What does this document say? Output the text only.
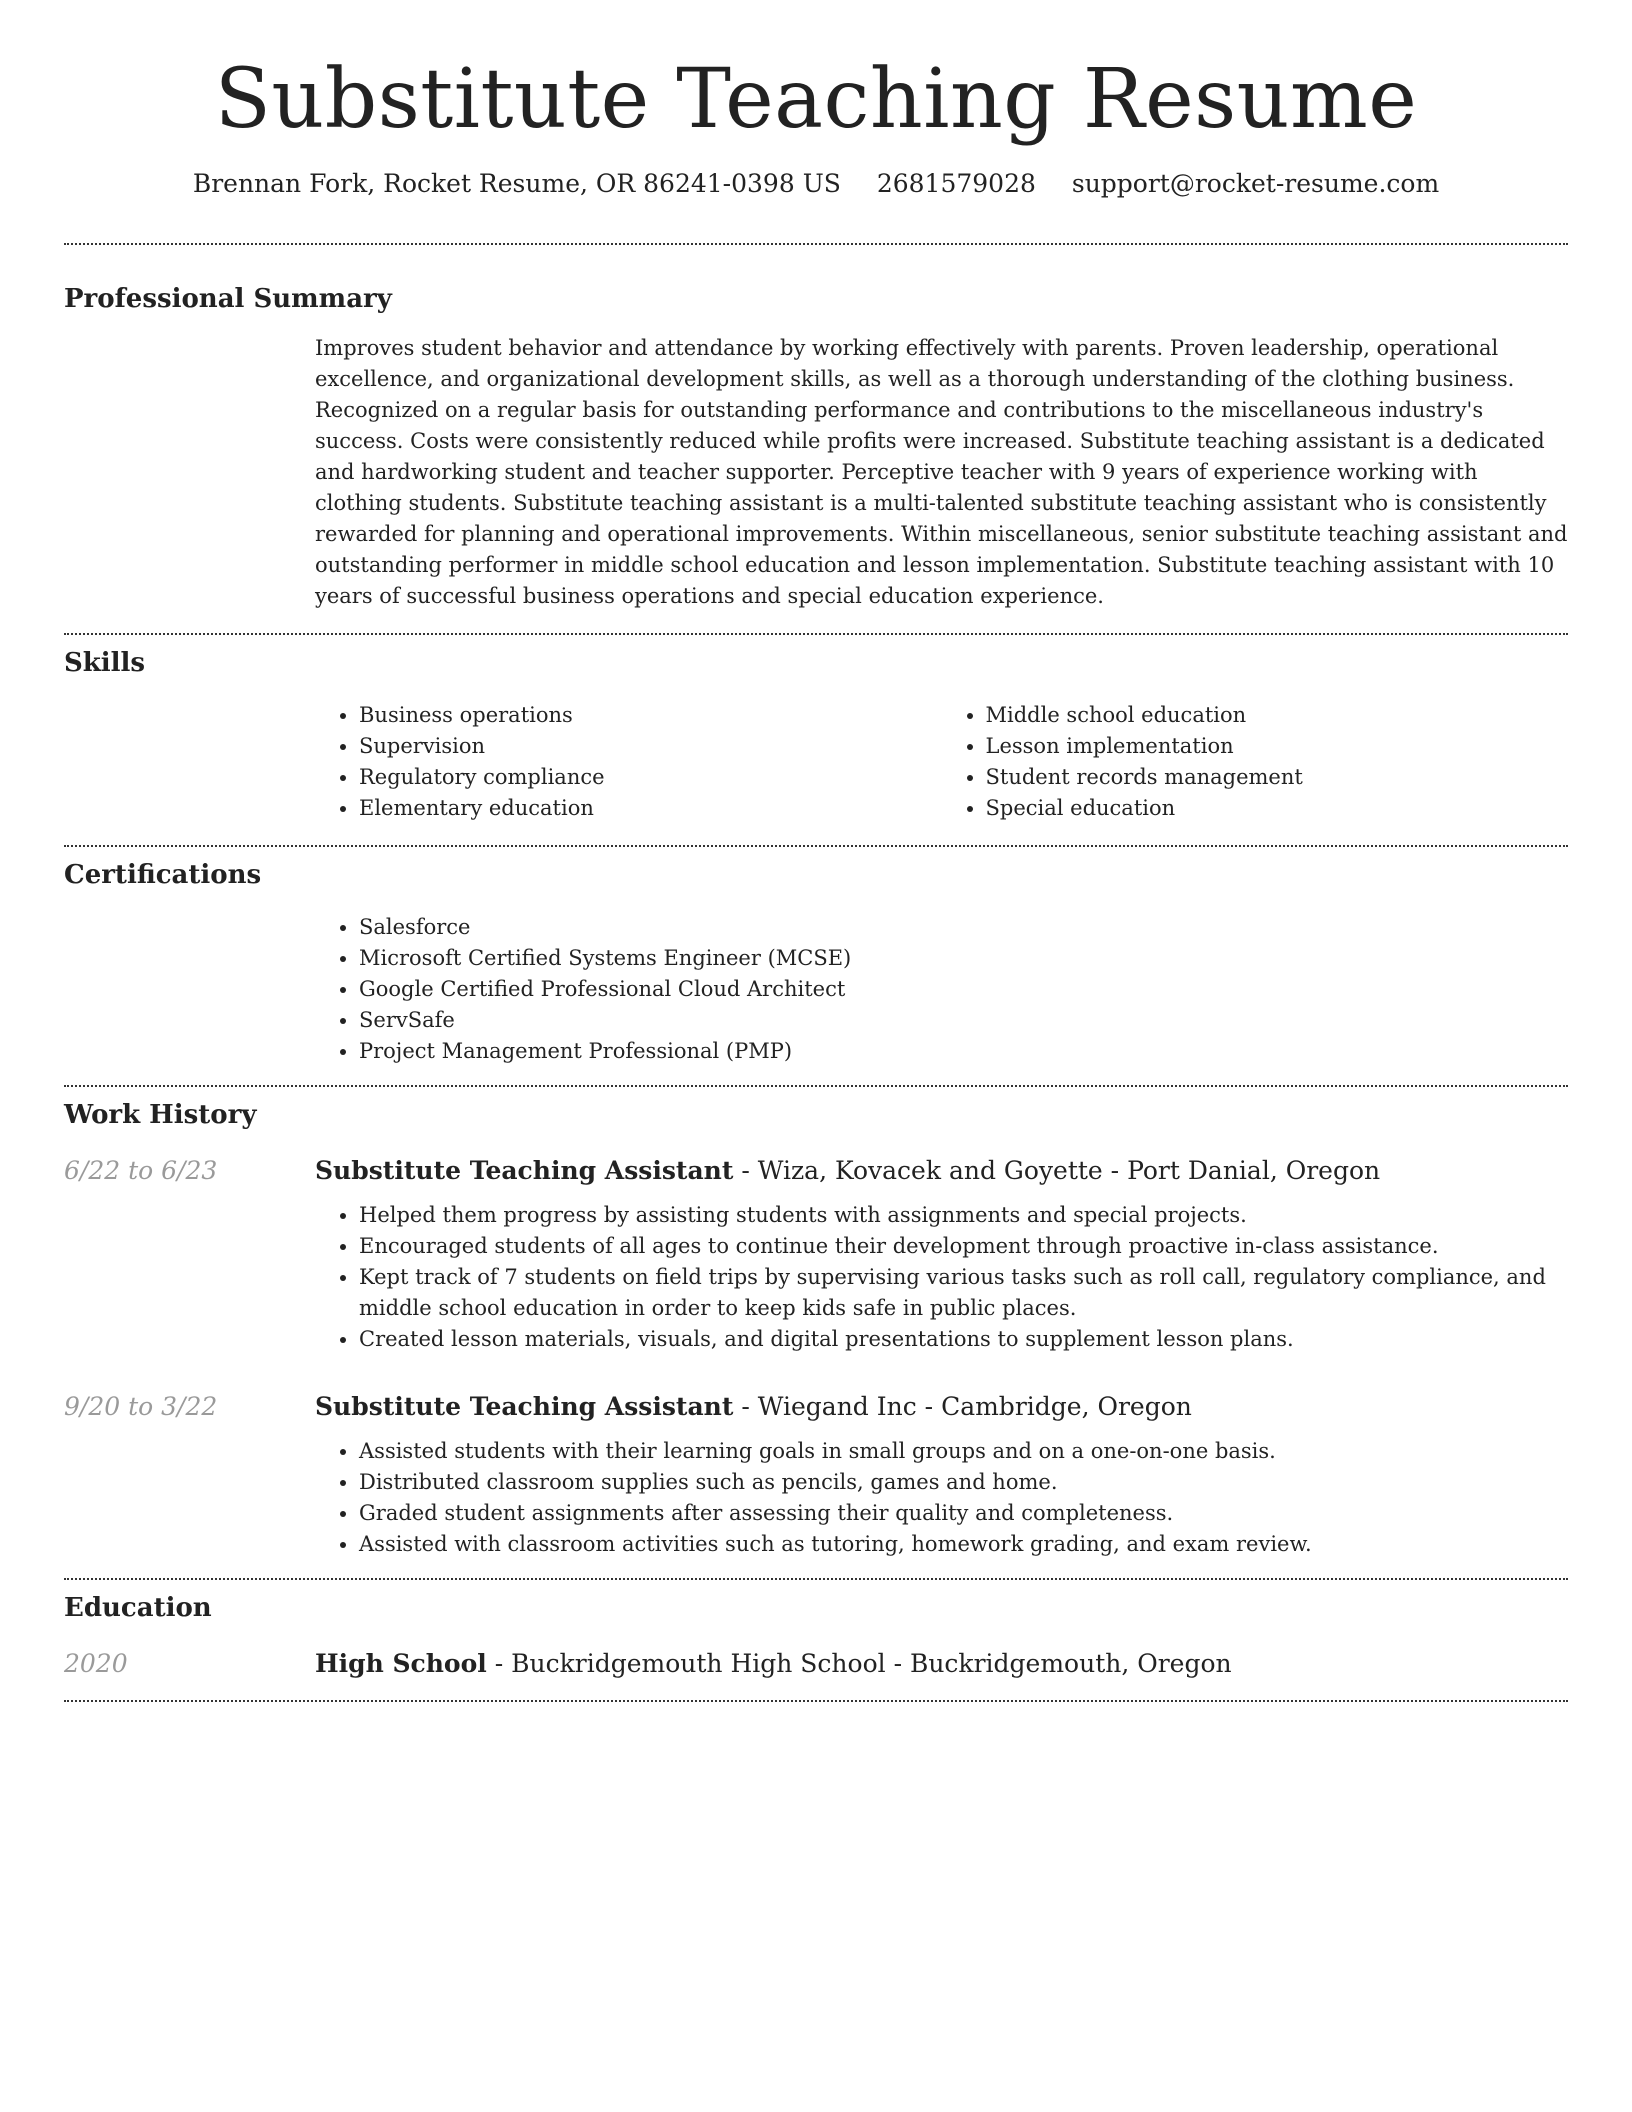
Substitute Teaching Resume
Brennan Fork, Rocket Resume, OR 86241-0398 US 2681579028 support@rocket-resume.com
Professional Summary

Improves student behavior and attendance by working effectively with parents. Proven leadership, operational excellence, and organizational development skills, as well as a thorough understanding of the clothing business. Recognized on a regular basis for outstanding performance and contributions to the miscellaneous industry's success. Costs were consistently reduced while profits were increased. Substitute teaching assistant is a dedicated and hardworking student and teacher supporter. Perceptive teacher with 9 years of experience working with clothing students. Substitute teaching assistant is a multi-talented substitute teaching assistant who is consistently rewarded for planning and operational improvements. Within miscellaneous, senior substitute teaching assistant and outstanding performer in middle school education and lesson implementation. Substitute teaching assistant with 10 years of successful business operations and special education experience.

Skills
• Business operations
• Supervision
• Regulatory compliance
• Elementary education
• Middle school education
• Lesson implementation
• Student records management
• Special education
Certifications
• Salesforce
• Microsoft Certified Systems Engineer (MCSE)
• Google Certified Professional Cloud Architect
• ServSafe
• Project Management Professional (PMP)
Work History
6/22 to 6/23	Substitute Teaching Assistant - Wiza, Kovacek and Goyette - Port Danial, Oregon
• Helped them progress by assisting students with assignments and special projects.
• Encouraged students of all ages to continue their development through proactive in-class assistance.
• Kept track of 7 students on field trips by supervising various tasks such as roll call, regulatory compliance, and middle school education in order to keep kids safe in public places.
• Created lesson materials, visuals, and digital presentations to supplement lesson plans.
9/20 to 3/22	Substitute Teaching Assistant - Wiegand Inc - Cambridge, Oregon
• Assisted students with their learning goals in small groups and on a one-on-one basis.
• Distributed classroom supplies such as pencils, games and home.
• Graded student assignments after assessing their quality and completeness.
• Assisted with classroom activities such as tutoring, homework grading, and exam review.
Education
2020	High School - Buckridgemouth High School - Buckridgemouth, Oregon
